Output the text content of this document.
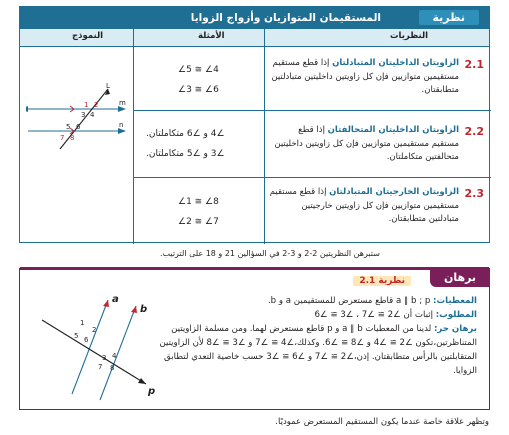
نظرية
المستقيمان المتوازيان وأزواج الزوايا
النموذج	الأمثلة	النظريات
2.1
الزاويتان الداخليتان المتبادلتان إذا قطع مستقيم مستقيمين متوازيين فإن كل زاويتين داخليتين متبادلتين متطابقتان.
∠5 ≅ ∠4
∠3 ≅ ∠6
2.2
الزاويتان الداخليتان المتحالفتان إذا قطع مستقيم مستقيمين متوازيين فإن كل زاويتين داخليتين متحالفتين متكاملتان.
∠4 و ∠6 متكاملتان.
∠3 و ∠5 متكاملتان.
2.3
الزاويتان الخارجيتان المتبادلتان إذا قطع مستقيم مستقيمين متوازيين فإن كل زاويتين خارجيتين متبادلتين متطابقتان.
∠1 ≅ ∠8
∠2 ≅ ∠7
L
m
n
1 2
3 4
5 6
7 8
ستبرهن النظريتين 2-2 و 3-2 في السؤالين 21 و 18 على الترتيب.
برهان
نظرية 2.1
المعطيات: a ∥ b ; p قاطع مستعرض للمستقيمين a و b.
المطلوب: إثبات أن ∠2 ≅ ∠7 ، ∠3 ≅ ∠6
برهان حر: لدينا من المعطيات a ∥ b و p قاطع مستعرض لهما. ومن مسلمة الزاويتين المتناظرتين،تكون ∠2 ≅ ∠4 و ∠8 ≅ ∠6. وكذلك،∠4 ≅ ∠7 و ∠3 ≅ ∠8 لأن الزاويتين المتقابلتين بالرأس متطابقتان. إذن،∠2 ≅ ∠7 و ∠6 ≅ ∠3 حسب خاصية التعدي لتطابق الزوايا.
a
b
p
1
2
3 4
5 6
7 8
وتظهر علاقة خاصة عندما يكون المستقيم المستعرض عموديًا.
